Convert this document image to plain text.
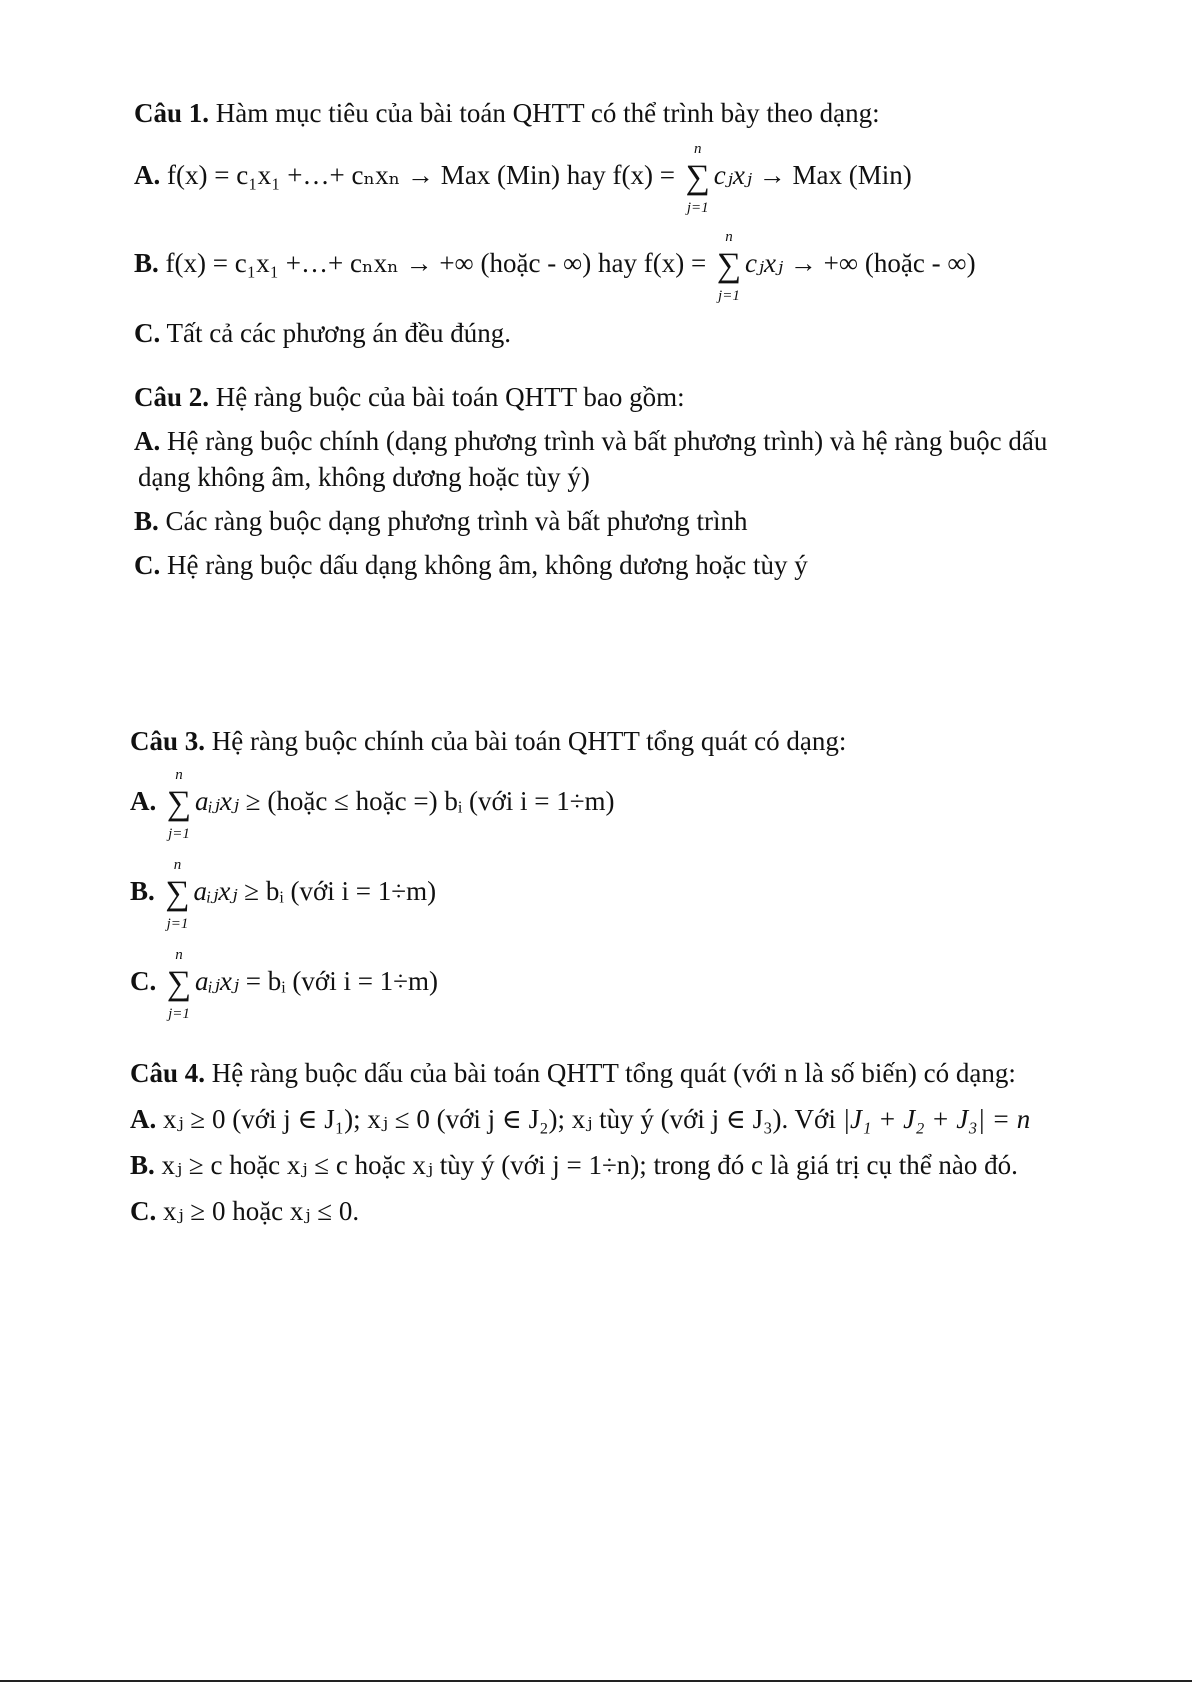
Câu 1. Hàm mục tiêu của bài toán QHTT có thể trình bày theo dạng:
A. f(x) = c₁x₁ +…+ cₙxₙ → Max (Min) hay f(x) =
n
∑
j=1
cⱼxⱼ → Max (Min)
B. f(x) = c₁x₁ +…+ cₙxₙ → +∞ (hoặc - ∞) hay f(x) =
n
∑
j=1
cⱼxⱼ → +∞ (hoặc - ∞)
C. Tất cả các phương án đều đúng.
Câu 2. Hệ ràng buộc của bài toán QHTT bao gồm:
A. Hệ ràng buộc chính (dạng phương trình và bất phương trình) và hệ ràng buộc dấu
dạng không âm, không dương hoặc tùy ý)
B. Các ràng buộc dạng phương trình và bất phương trình
C. Hệ ràng buộc dấu dạng không âm, không dương hoặc tùy ý
Câu 3. Hệ ràng buộc chính của bài toán QHTT tổng quát có dạng:
A.
n
∑
j=1
aᵢⱼxⱼ ≥ (hoặc ≤ hoặc =) bᵢ (với i = 1÷m)
B.
n
∑
j=1
aᵢⱼxⱼ ≥ bᵢ (với i = 1÷m)
C.
n
∑
j=1
aᵢⱼxⱼ = bᵢ (với i = 1÷m)
Câu 4. Hệ ràng buộc dấu của bài toán QHTT tổng quát (với n là số biến) có dạng:
A. xⱼ ≥ 0 (với j ∈ J₁); xⱼ ≤ 0 (với j ∈ J₂); xⱼ tùy ý (với j ∈ J₃). Với |J₁ + J₂ + J₃| = n
B. xⱼ ≥ c hoặc xⱼ ≤ c hoặc xⱼ tùy ý (với j = 1÷n); trong đó c là giá trị cụ thể nào đó.
C. xⱼ ≥ 0 hoặc xⱼ ≤ 0.
